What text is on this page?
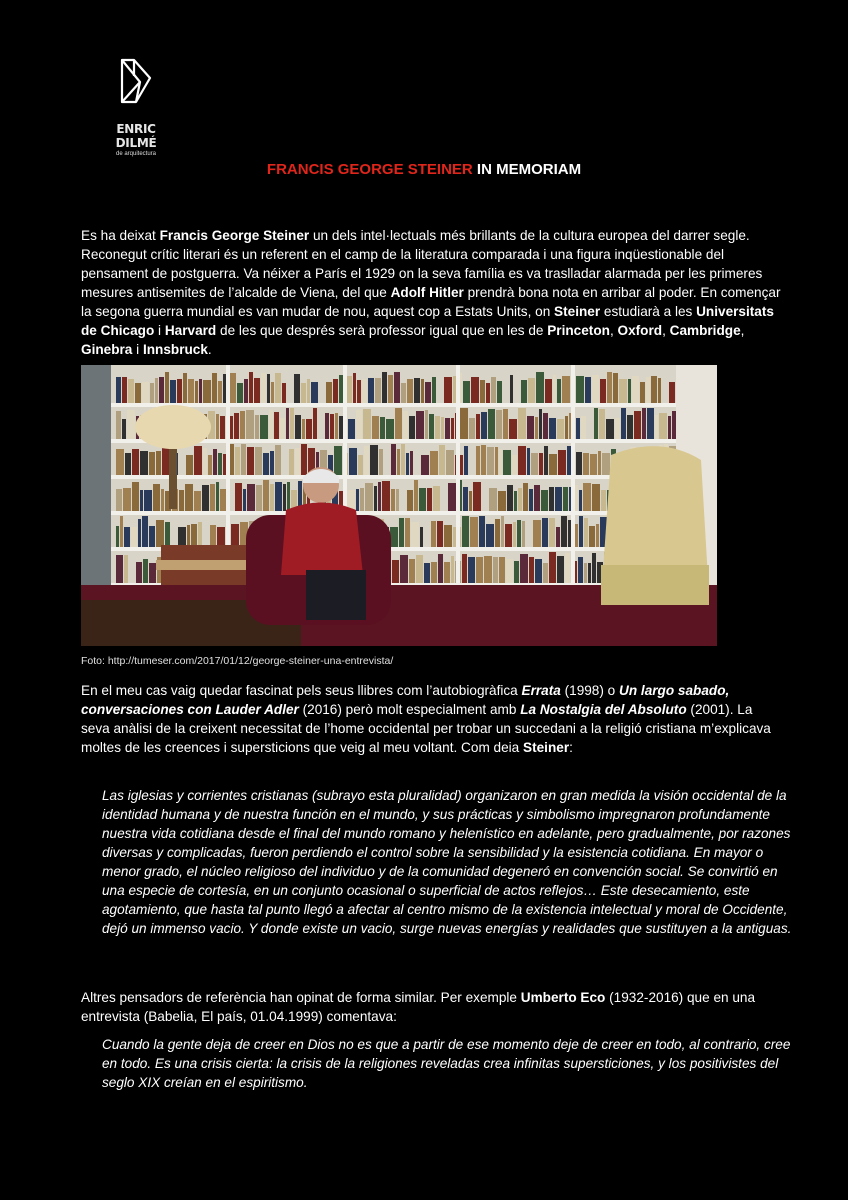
ENRIC DILMÉ
de arquitectura
FRANCIS GEORGE STEINER IN MEMORIAM
Es ha deixat Francis George Steiner un dels intel·lectuals més brillants de la cultura europea del darrer segle. Reconegut crític literari és un referent en el camp de la literatura comparada i una figura inqüestionable del pensament de postguerra. Va néixer a París el 1929 on la seva família es va traslladar alarmada per les primeres mesures antisemites de l’alcalde de Viena, del que Adolf Hitler prendrà bona nota en arribar al poder. En començar la segona guerra mundial es van mudar de nou, aquest cop a Estats Units, on Steiner estudiarà a les Universitats de Chicago i Harvard de les que després serà professor igual que en les de Princeton, Oxford, Cambridge, Ginebra i Innsbruck.
Foto: http://tumeser.com/2017/01/12/george-steiner-una-entrevista/
En el meu cas vaig quedar fascinat pels seus llibres com l’autobiogràfica Errata (1998) o Un largo sabado, conversaciones con Lauder Adler (2016) però molt especialment amb La Nostalgia del Absoluto (2001). La seva anàlisi de la creixent necessitat de l’home occidental per trobar un succedani a la religió cristiana m’explicava moltes de les creences i supersticions que veig al meu voltant. Com deia Steiner:
Las iglesias y corrientes cristianas (subrayo esta pluralidad) organizaron en gran medida la visión occidental de la identidad humana y de nuestra función en el mundo, y sus prácticas y simbolismo impregnaron profundamente nuestra vida cotidiana desde el final del mundo romano y helenístico en adelante, pero gradualmente, por razones diversas y complicadas, fueron perdiendo el control sobre la sensibilidad y la esistencia cotidiana. En mayor o menor grado, el núcleo religioso del individuo y de la comunidad degeneró en convención social. Se convirtió en una especie de cortesía, en un conjunto ocasional o superficial de actos reflejos… Este desecamiento, este agotamiento, que hasta tal punto llegó a afectar al centro mismo de la existencia intelectual y moral de Occidente, dejó un immenso vacio. Y donde existe un vacio, surge nuevas energías y realidades que sustituyen a la antiguas.
Altres pensadors de referència han opinat de forma similar. Per exemple Umberto Eco (1932-2016) que en una entrevista (Babelia, El país, 01.04.1999) comentava:
Cuando la gente deja de creer en Dios no es que a partir de ese momento deje de creer en todo, al contrario, cree en todo. Es una crisis cierta: la crisis de la religiones reveladas crea infinitas supersticiones, y los positivistes del seglo XIX creían en el espiritismo.
